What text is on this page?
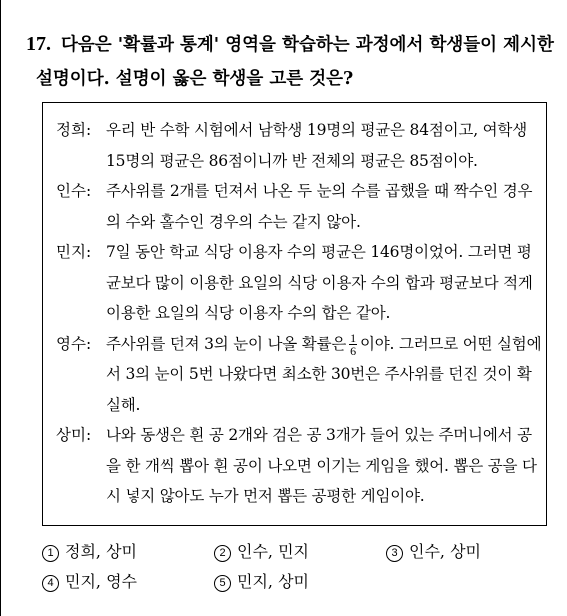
17. 다음은 '확률과 통계' 영역을 학습하는 과정에서 학생들이 제시한
설명이다. 설명이 옳은 학생을 고른 것은?
정희: 우리 반 수학 시험에서 남학생 19명의 평균은 84점이고, 여학생 15명의 평균은 86점이니까 반 전체의 평균은 85점이야.
인수: 주사위를 2개를 던져서 나온 두 눈의 수를 곱했을 때 짝수인 경우의 수와 홀수인 경우의 수는 같지 않아.
민지: 7일 동안 학교 식당 이용자 수의 평균은 146명이었어. 그러면 평균보다 많이 이용한 요일의 식당 이용자 수의 합과 평균보다 적게 이용한 요일의 식당 이용자 수의 합은 같아.
영수: 주사위를 던져 3의 눈이 나올 확률은 $\frac{1}{6}$ 이야. 그러므로 어떤 실험에서 3의 눈이 5번 나왔다면 최소한 30번은 주사위를 던진 것이 확실해.
상미: 나와 동생은 흰 공 2개와 검은 공 3개가 들어 있는 주머니에서 공을 한 개씩 뽑아 흰 공이 나오면 이기는 게임을 했어. 뽑은 공을 다시 넣지 않아도 누가 먼저 뽑든 공평한 게임이야.
1 정희, 상미	2 인수, 민지	3 인수, 상미
4 민지, 영수	5 민지, 상미
